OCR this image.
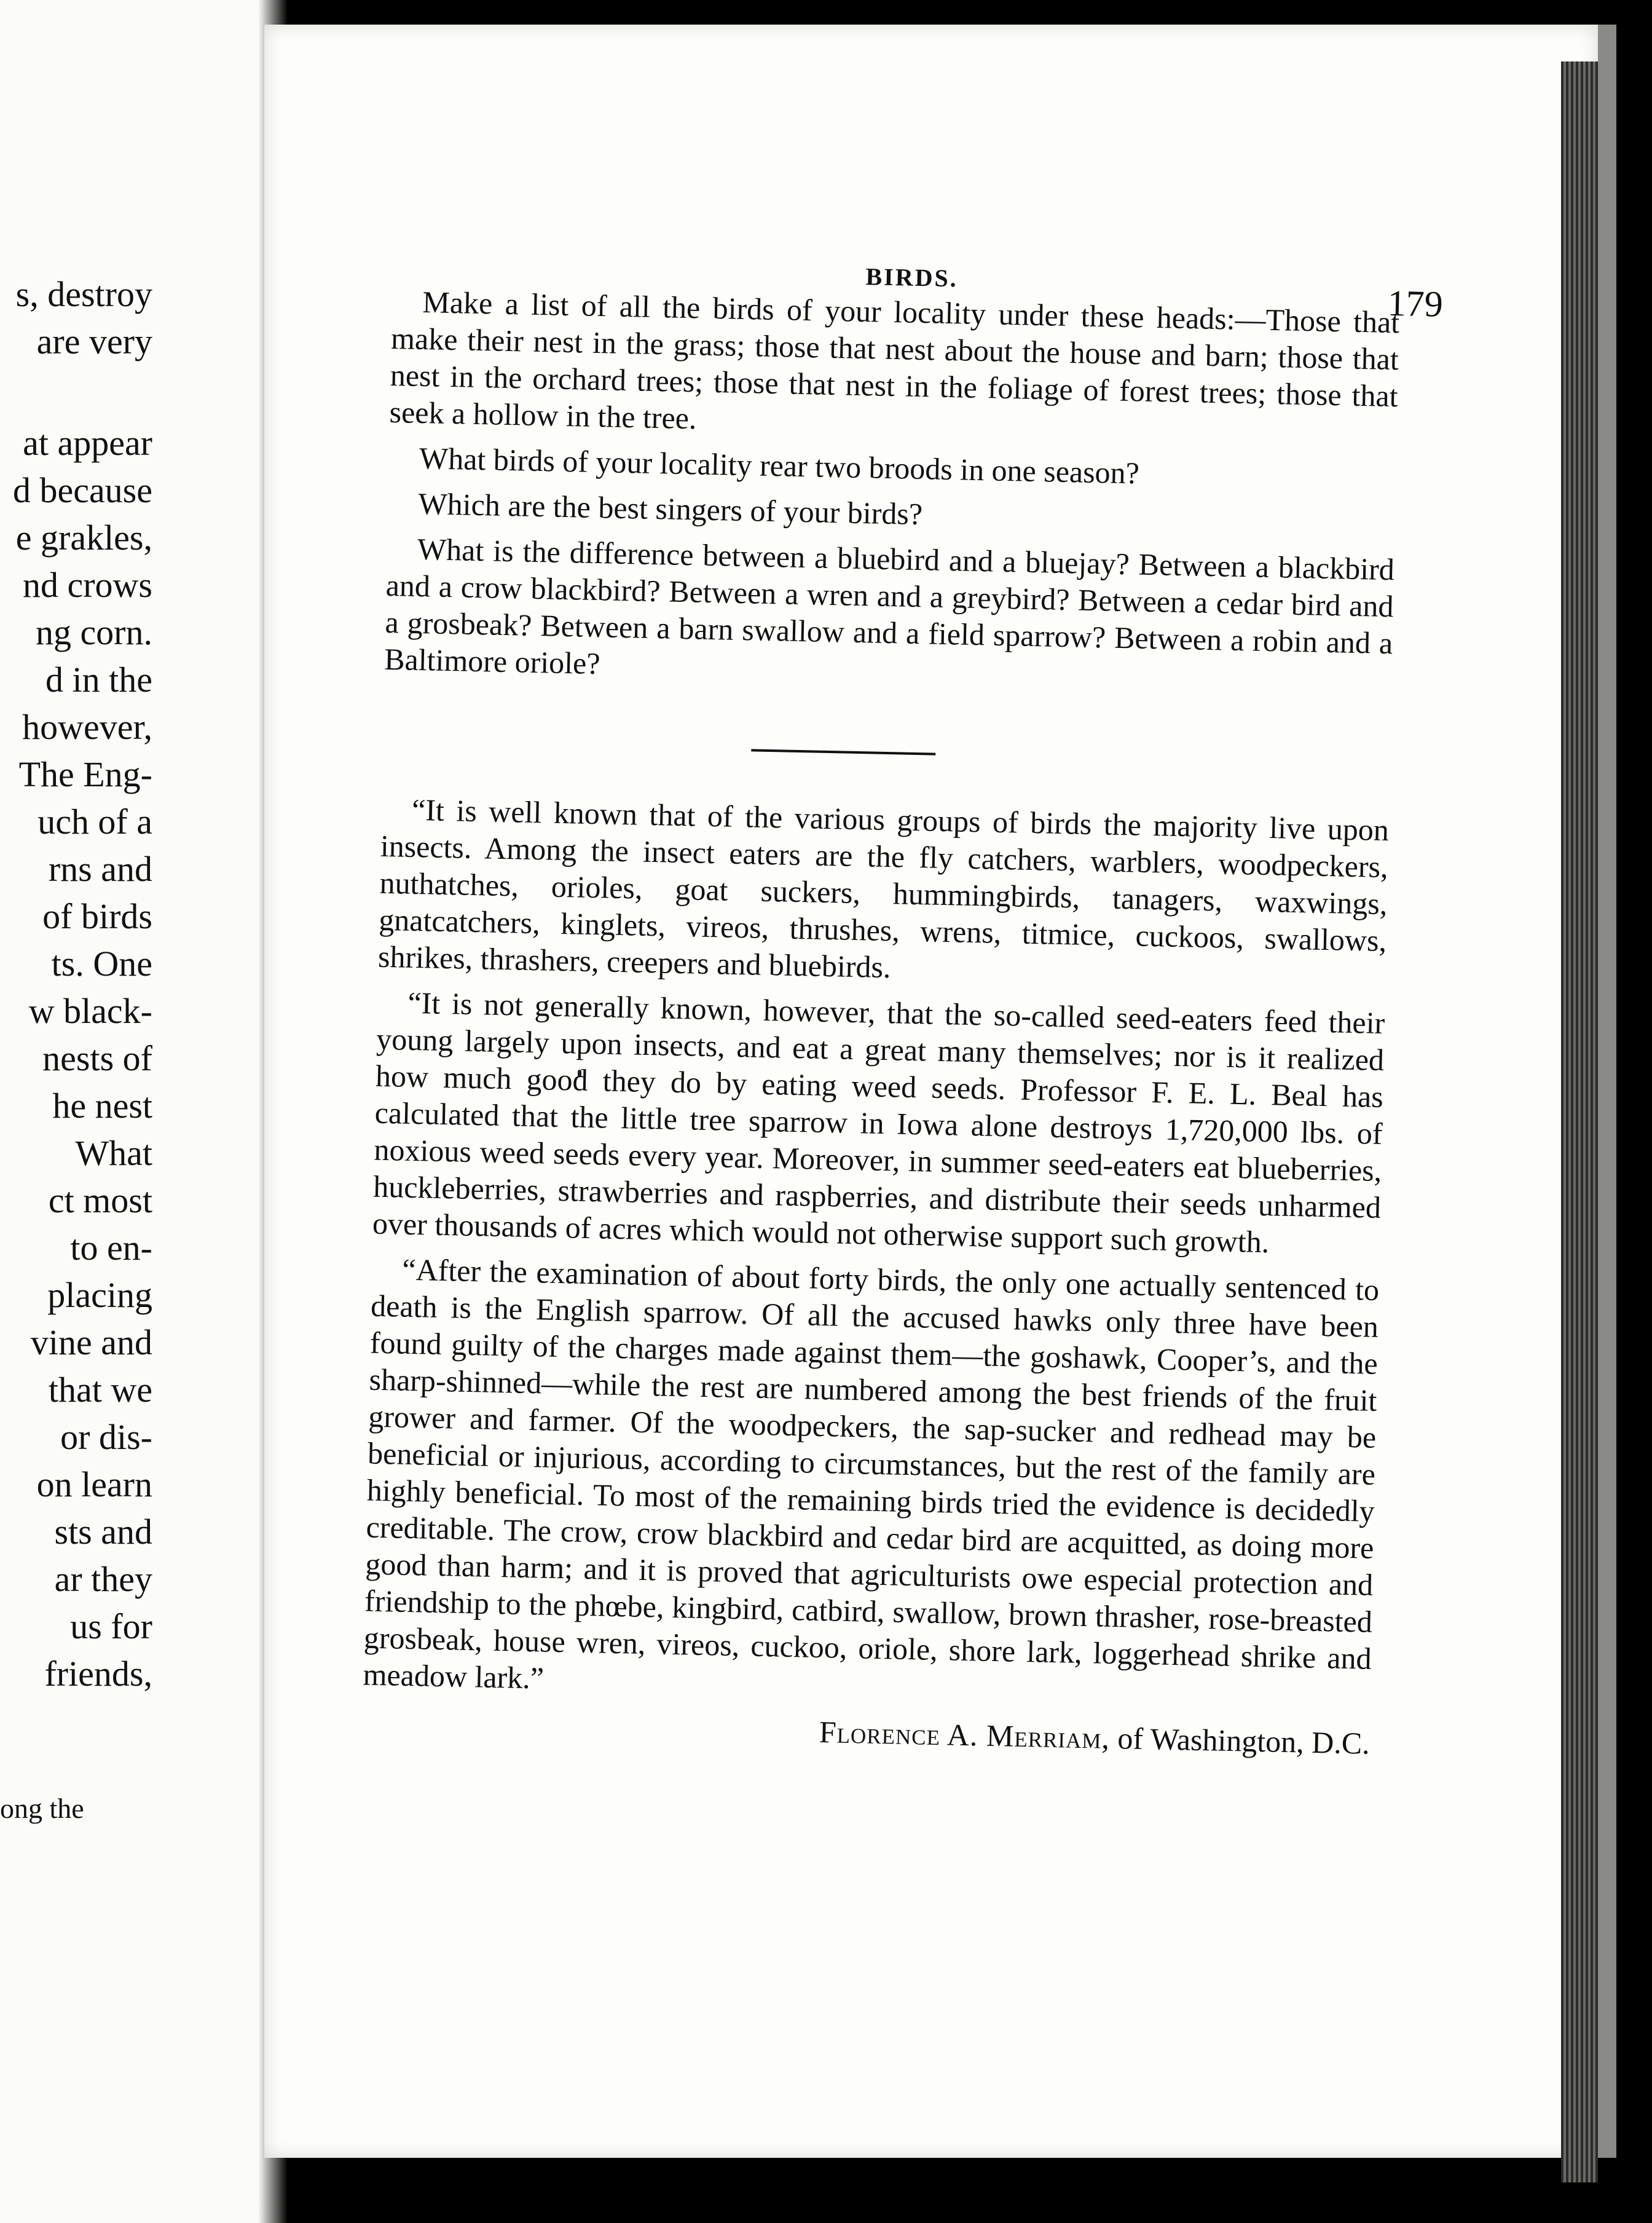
s, destroy
are very
at appear
d because
e grakles,
nd crows
ng corn.
d in the
however,
The Eng-
uch of a
rns and
of birds
ts. One
w black-
nests of
he nest
What
ct most
to en-
placing
vine and
that we
or dis-
on learn
sts and
ar they
us for
friends,
ong the
BIRDS.
179

Make a list of all the birds of your locality under these heads:—Those that make their nest in the grass; those that nest about the house and barn; those that nest in the orchard trees; those that nest in the foliage of forest trees; those that seek a hollow in the tree.

What birds of your locality rear two broods in one season?

Which are the best singers of your birds?

What is the difference between a bluebird and a bluejay? Between a blackbird and a crow blackbird? Between a wren and a greybird? Between a cedar bird and a grosbeak? Between a barn swallow and a field sparrow? Between a robin and a Baltimore oriole?

“It is well known that of the various groups of birds the majority live upon insects. Among the insect eaters are the fly catchers, warblers, woodpeckers, nuthatches, orioles, goat suckers, hummingbirds, tanagers, waxwings, gnatcatchers, kinglets, vireos, thrushes, wrens, titmice, cuckoos, swallows, shrikes, thrashers, creepers and bluebirds.

“It is not generally known, however, that the so-called seed-eaters feed their young largely upon insects, and eat a great many themselves; nor is it realized how much good they do by eating weed seeds. Professor F. E. L. Beal has calculated that the little tree sparrow in Iowa alone destroys 1,720,000 lbs. of noxious weed seeds every year. Moreover, in summer seed-eaters eat blueberries, huckleberries, strawberries and raspberries, and distribute their seeds unharmed over thousands of acres which would not otherwise support such growth.

“After the examination of about forty birds, the only one actually sentenced to death is the English sparrow. Of all the accused hawks only three have been found guilty of the charges made against them—the goshawk, Cooper’s, and the sharp-shinned—while the rest are numbered among the best friends of the fruit grower and farmer. Of the woodpeckers, the sap-sucker and redhead may be beneficial or injurious, according to circumstances, but the rest of the family are highly beneficial. To most of the remaining birds tried the evidence is decidedly creditable. The crow, crow blackbird and cedar bird are acquitted, as doing more good than harm; and it is proved that agriculturists owe especial protection and friendship to the phœbe, kingbird, catbird, swallow, brown thrasher, rose-breasted grosbeak, house wren, vireos, cuckoo, oriole, shore lark, loggerhead shrike and meadow lark.”

Florence A. Merriam, of Washington, D.C.
